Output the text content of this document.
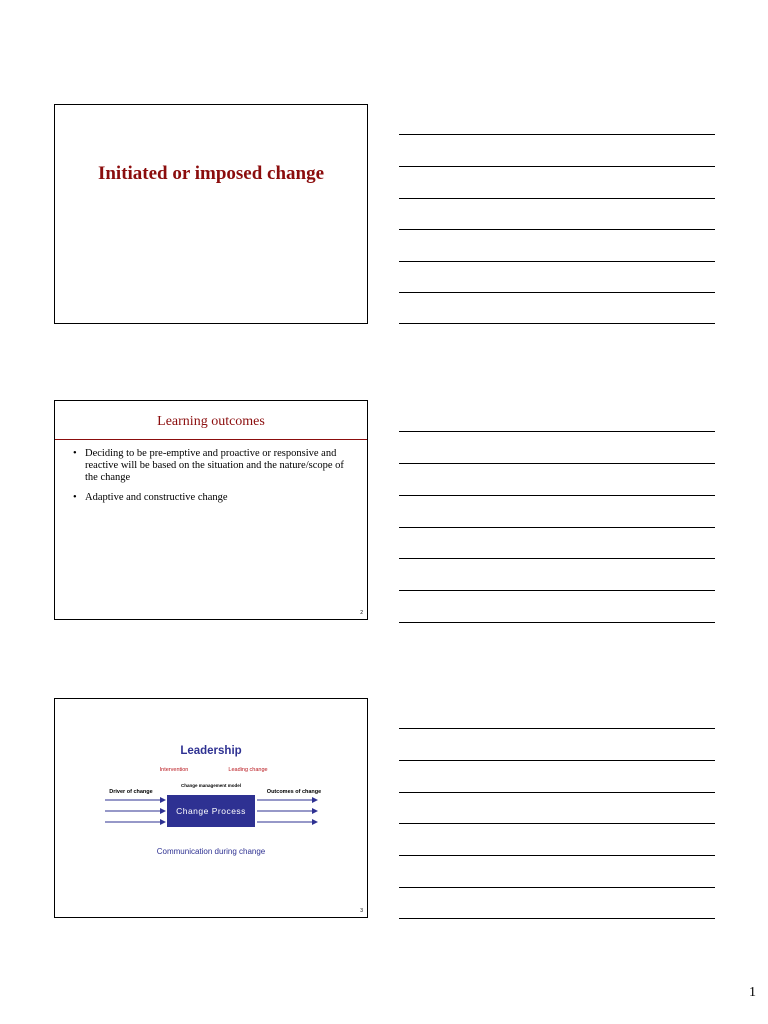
Initiated or imposed change
Learning outcomes
• Deciding to be pre-emptive and proactive or responsive and reactive will be based on the situation and the nature/scope of the change
• Adaptive and constructive change
2
Leadership
Intervention	Leading change
Change management model
Driver of change	Outcomes of change
Change Process
Communication during change
3
1
